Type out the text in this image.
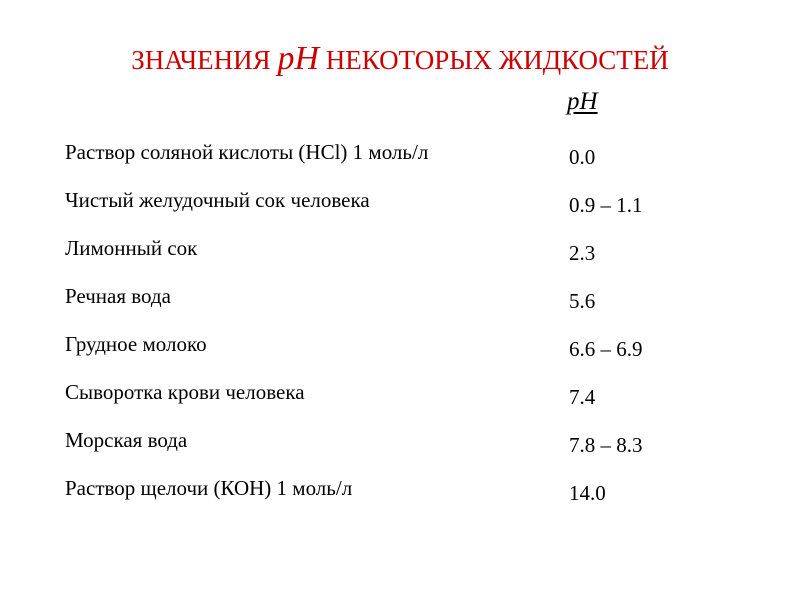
ЗНАЧЕНИЯ pH НЕКОТОРЫХ ЖИДКОСТЕЙ
pH
Раствор соляной кислоты (HCl) 1 моль/л	0.0
Чистый желудочный сок человека	0.9 – 1.1
Лимонный сок	2.3
Речная вода	5.6
Грудное молоко	6.6 – 6.9
Сыворотка крови человека	7.4
Морская вода	7.8 – 8.3
Раствор щелочи (КОН) 1 моль/л	14.0
